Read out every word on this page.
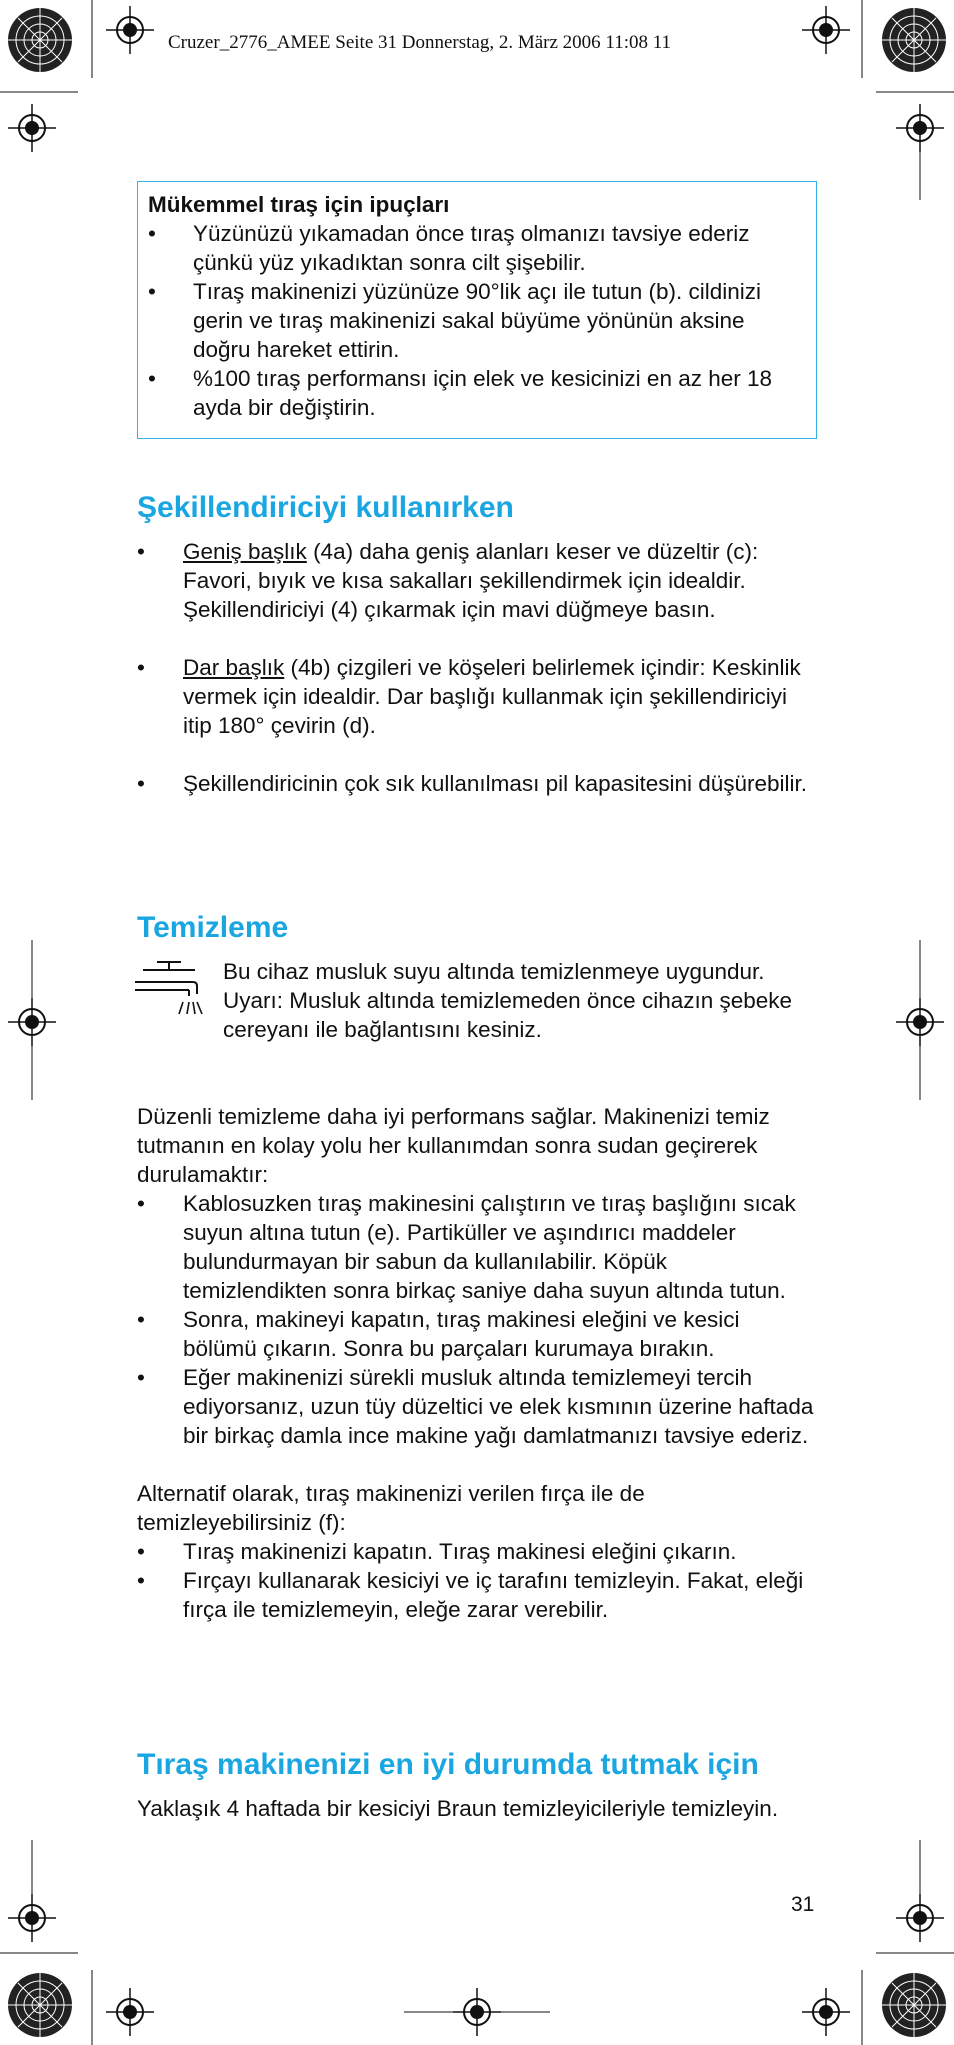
Cruzer_2776_AMEE Seite 31 Donnerstag, 2. März 2006 11:08 11
Mükemmel tıraş için ipuçları
• Yüzünüzü yıkamadan önce tıraş olmanızı tavsiye ederiz çünkü yüz yıkadıktan sonra cilt şişebilir.
• Tıraş makinenizi yüzünüze 90°lik açı ile tutun (b). cildinizi gerin ve tıraş makinenizi sakal büyüme yönünün aksine doğru hareket ettirin.
• %100 tıraş performansı için elek ve kesicinizi en az her 18 ayda bir değiştirin.
Şekillendiriciyi kullanırken
• Geniş başlık (4a) daha geniş alanları keser ve düzeltir (c): Favori, bıyık ve kısa sakalları şekillendirmek için idealdir. Şekillendiriciyi (4) çıkarmak için mavi düğmeye basın.
• Dar başlık (4b) çizgileri ve köşeleri belirlemek içindir: Keskinlik vermek için idealdir. Dar başlığı kullanmak için şekillendiriciyi itip 180° çevirin (d).
• Şekillendiricinin çok sık kullanılması pil kapasitesini düşürebilir.
Temizleme

Bu cihaz musluk suyu altında temizlenmeye uygundur.

Uyarı: Musluk altında temizlemeden önce cihazın şebeke cereyanı ile bağlantısını kesiniz.

Düzenli temizleme daha iyi performans sağlar. Makinenizi temiz tutmanın en kolay yolu her kullanımdan sonra sudan geçirerek durulamaktır:

• Kablosuzken tıraş makinesini çalıştırın ve tıraş başlığını sıcak suyun altına tutun (e). Partiküller ve aşındırıcı maddeler bulundurmayan bir sabun da kullanılabilir. Köpük temizlendikten sonra birkaç saniye daha suyun altında tutun.
• Sonra, makineyi kapatın, tıraş makinesi eleğini ve kesici bölümü çıkarın. Sonra bu parçaları kurumaya bırakın.
• Eğer makinenizi sürekli musluk altında temizlemeyi tercih ediyorsanız, uzun tüy düzeltici ve elek kısmının üzerine haftada bir birkaç damla ince makine yağı damlatmanızı tavsiye ederiz.

Alternatif olarak, tıraş makinenizi verilen fırça ile de temizleyebilirsiniz (f):

• Tıraş makinenizi kapatın. Tıraş makinesi eleğini çıkarın.
• Fırçayı kullanarak kesiciyi ve iç tarafını temizleyin. Fakat, eleği fırça ile temizlemeyin, eleğe zarar verebilir.
Tıraş makinenizi en iyi durumda tutmak için

Yaklaşık 4 haftada bir kesiciyi Braun temizleyicileriyle temizleyin.

31
